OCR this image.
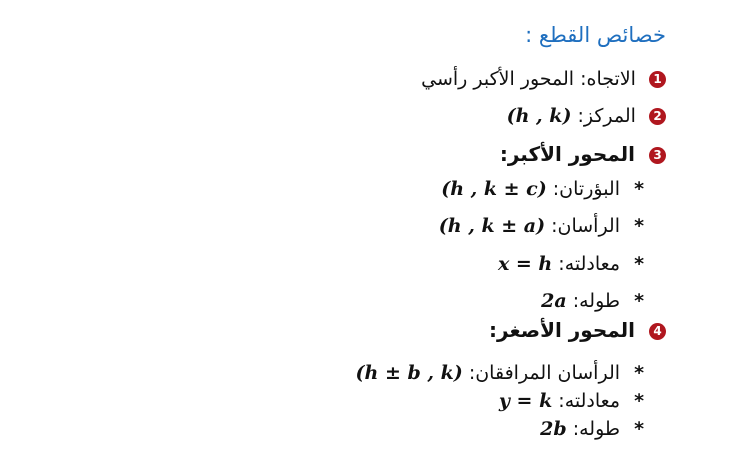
خصائص القطع :
1 الاتجاه: المحور الأكبر رأسي
2 المركز: (h , k)
3 المحور الأكبر:
* البؤرتان: (h , k ± c)
* الرأسان: (h , k ± a)
* معادلته: x = h
* طوله: 2a
4 المحور الأصغر:
* الرأسان المرافقان: (h ± b , k)
* معادلته: y = k
* طوله: 2b
